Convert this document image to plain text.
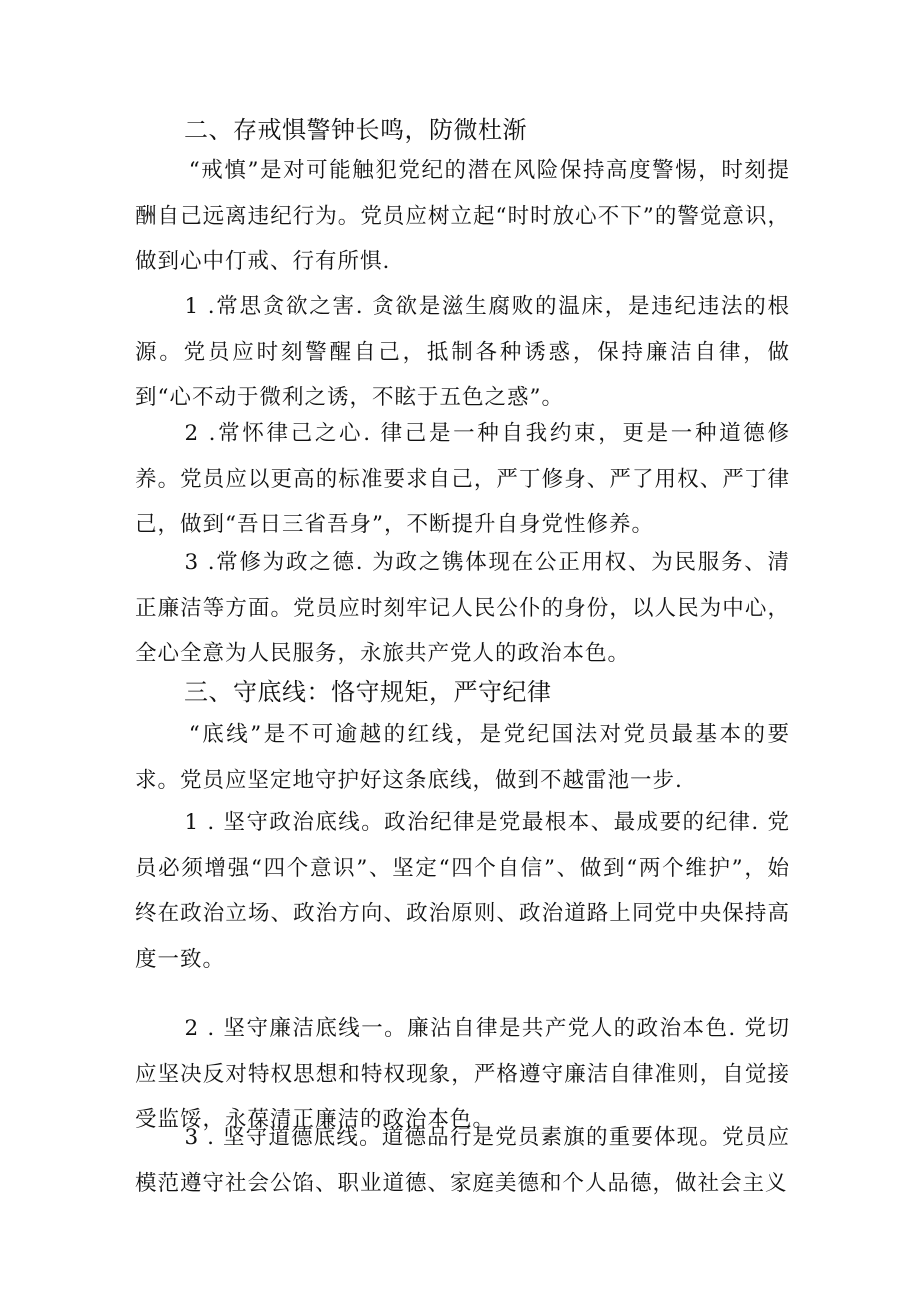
二、存戒惧警钟长鸣，防微杜渐

“戒慎”是对可能触犯党纪的潜在风险保持高度警惕，时刻提酬自己远离违纪行为。党员应树立起“时时放心不下”的警觉意识，做到心中仃戒、行有所惧.

1 .常思贪欲之害. 贪欲是滋生腐败的温床，是违纪违法的根源。党员应时刻警醒自己，抵制各种诱惑，保持廉洁自律，做到“心不动于微利之诱，不眩于五色之惑”。

2 .常怀律己之心. 律己是一种自我约束，更是一种道德修养。党员应以更高的标准要求自己，严丁修身、严了用权、严丁律己，做到“吾日三省吾身”，不断提升自身党性修养。

3 .常修为政之德. 为政之镌体现在公正用权、为民服务、清正廉洁等方面。党员应时刻牢记人民公仆的身份，以人民为中心，全心全意为人民服务，永旅共产党人的政治本色。

三、守底线：恪守规矩，严守纪律

“底线”是不可逾越的红线，是党纪国法对党员最基本的要求。党员应坚定地守护好这条底线，做到不越雷池一步.

1 . 坚守政治底线。政治纪律是党最根本、最成要的纪律. 党员必须增强“四个意识”、坚定“四个自信”、做到“两个维护”，始终在政治立场、政治方向、政治原则、政治道路上同党中央保持高度一致。

2 . 坚守廉洁底线一。廉沾自律是共产党人的政治本色. 党切应坚决反对特权思想和特权现象，严格遵守廉洁自律准则，自觉接受监馁，永葆清正廉洁的政治本色。

3 . 坚守道德底线。道德品行是党员素旗的重要体现。党员应模范遵守社会公馅、职业道德、家庭美德和个人品德，做社会主义
